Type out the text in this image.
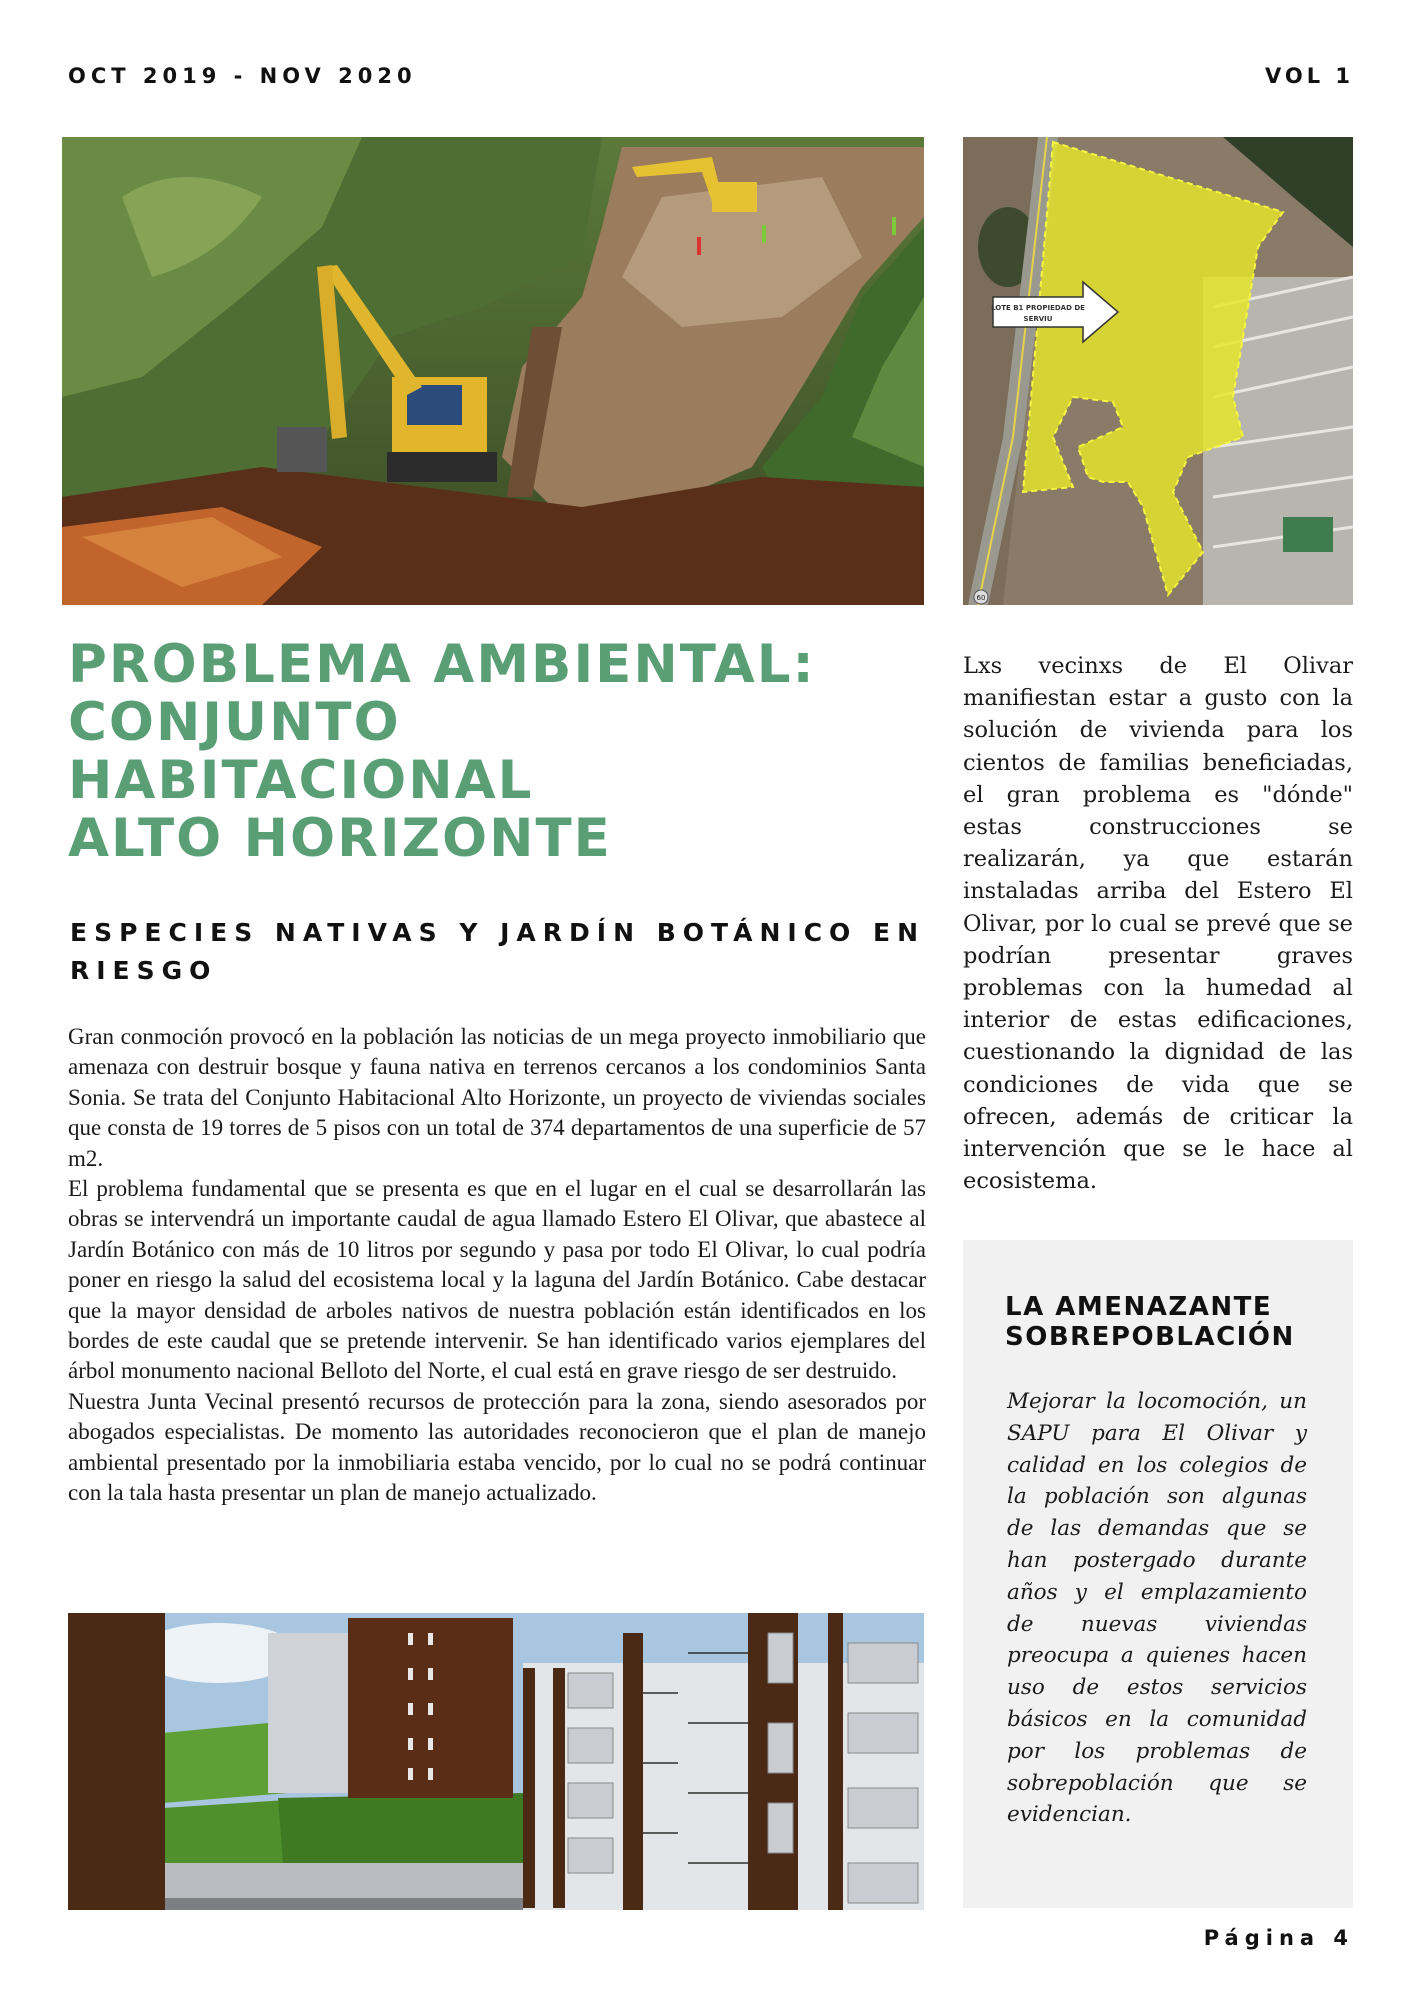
OCT 2019 - NOV 2020	VOL 1
LOTE B1 PROPIEDAD DE
SERVIU
60
PROBLEMA AMBIENTAL:
CONJUNTO
HABITACIONAL
ALTO HORIZONTE
ESPECIES NATIVAS Y JARDÍN BOTÁNICO EN RIESGO

Gran conmoción provocó en la población las noticias de un mega proyecto inmobiliario que amenaza con destruir bosque y fauna nativa en terrenos cercanos a los condominios Santa Sonia. Se trata del Conjunto Habitacional Alto Horizonte, un proyecto de viviendas sociales que consta de 19 torres de 5 pisos con un total de 374 departamentos de una superficie de 57 m2.

El problema fundamental que se presenta es que en el lugar en el cual se desarrollarán las obras se intervendrá un importante caudal de agua llamado Estero El Olivar, que abastece al Jardín Botánico con más de 10 litros por segundo y pasa por todo El Olivar, lo cual podría poner en riesgo la salud del ecosistema local y la laguna del Jardín Botánico. Cabe destacar que la mayor densidad de arboles nativos de nuestra población están identificados en los bordes de este caudal que se pretende intervenir. Se han identificado varios ejemplares del árbol monumento nacional Belloto del Norte, el cual está en grave riesgo de ser destruido.

Nuestra Junta Vecinal presentó recursos de protección para la zona, siendo asesorados por abogados especialistas. De momento las autoridades reconocieron que el plan de manejo ambiental presentado por la inmobiliaria estaba vencido, por lo cual no se podrá continuar con la tala hasta presentar un plan de manejo actualizado.

Lxs vecinxs de El Olivar manifiestan estar a gusto con la solución de vivienda para los cientos de familias beneficiadas, el gran problema es "dónde" estas construcciones se realizarán, ya que estarán instaladas arriba del Estero El Olivar, por lo cual se prevé que se podrían presentar graves problemas con la humedad al interior de estas edificaciones, cuestionando la dignidad de las condiciones de vida que se ofrecen, además de criticar la intervención que se le hace al ecosistema.
LA AMENAZANTE
SOBREPOBLACIÓN

Mejorar la locomoción, un SAPU para El Olivar y calidad en los colegios de la población son algunas de las demandas que se han postergado durante años y el emplazamiento de nuevas viviendas preocupa a quienes hacen uso de estos servicios básicos en la comunidad por los problemas de sobrepoblación que se evidencian.

Página 4
